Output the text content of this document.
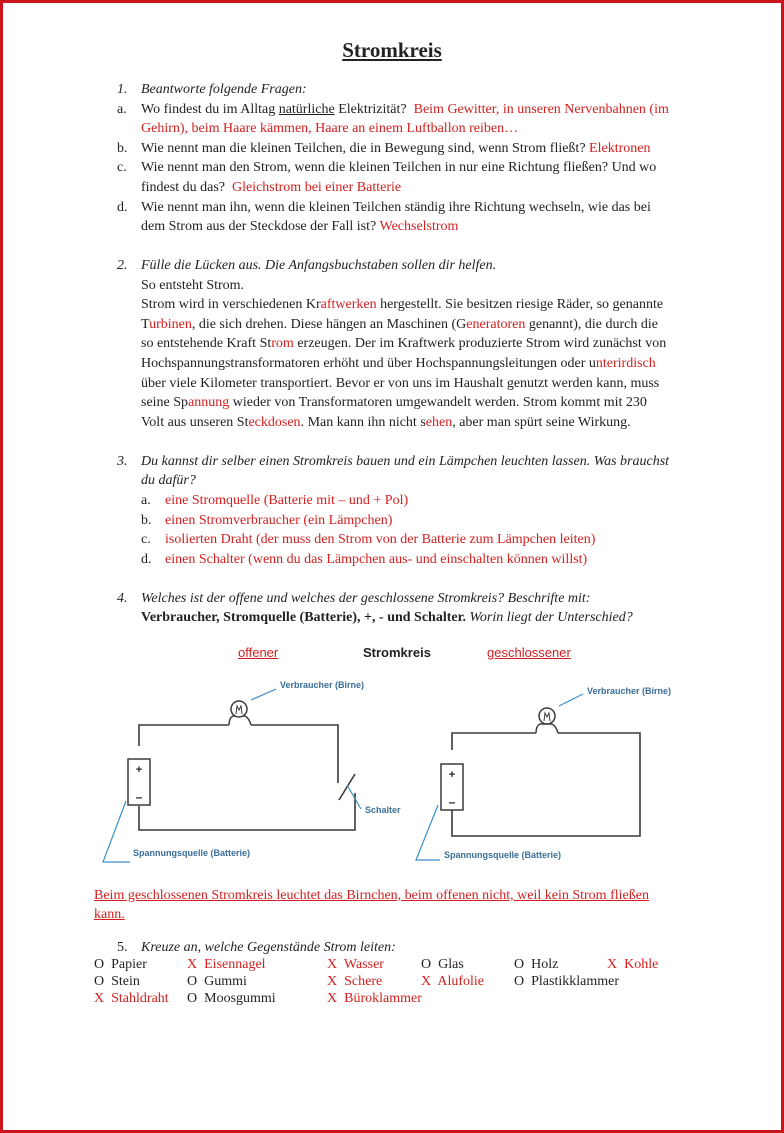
Stromkreis
1. Beantworte folgende Fragen:
a. Wo findest du im Alltag natürliche Elektrizität? Beim Gewitter, in unseren Nervenbahnen (im
Gehirn), beim Haare kämmen, Haare an einem Luftballon reiben…
b. Wie nennt man die kleinen Teilchen, die in Bewegung sind, wenn Strom fließt? Elektronen
c. Wie nennt man den Strom, wenn die kleinen Teilchen in nur eine Richtung fließen? Und wo
findest du das? Gleichstrom bei einer Batterie
d. Wie nennt man ihn, wenn die kleinen Teilchen ständig ihre Richtung wechseln, wie das bei
dem Strom aus der Steckdose der Fall ist? Wechselstrom
2. Fülle die Lücken aus. Die Anfangsbuchstaben sollen dir helfen.
So entsteht Strom.
Strom wird in verschiedenen Kraftwerken hergestellt. Sie besitzen riesige Räder, so genannte
Turbinen, die sich drehen. Diese hängen an Maschinen (Generatoren genannt), die durch die
so entstehende Kraft Strom erzeugen. Der im Kraftwerk produzierte Strom wird zunächst von
Hochspannungstransformatoren erhöht und über Hochspannungsleitungen oder unterirdisch
über viele Kilometer transportiert. Bevor er von uns im Haushalt genutzt werden kann, muss
seine Spannung wieder von Transformatoren umgewandelt werden. Strom kommt mit 230
Volt aus unseren Steckdosen. Man kann ihn nicht sehen, aber man spürt seine Wirkung.
3. Du kannst dir selber einen Stromkreis bauen und ein Lämpchen leuchten lassen. Was brauchst
du dafür?
a. eine Stromquelle (Batterie mit – und + Pol)
b. einen Stromverbraucher (ein Lämpchen)
c. isolierten Draht (der muss den Strom von der Batterie zum Lämpchen leiten)
d. einen Schalter (wenn du das Lämpchen aus- und einschalten können willst)
4. Welches ist der offene und welches der geschlossene Stromkreis? Beschrifte mit:
Verbraucher, Stromquelle (Batterie), +, - und Schalter. Worin liegt der Unterschied?
offener	Stromkreis	geschlossener
+
–
Verbraucher (Birne)
Schalter
Spannungsquelle (Batterie)
+
–
Verbraucher (Birne)
Spannungsquelle (Batterie)
Beim geschlossenen Stromkreis leuchtet das Birnchen, beim offenen nicht, weil kein Strom fließen
kann.
5. Kreuze an, welche Gegenstände Strom leiten:
O Papier	X Eisennagel	X Wasser	O Glas	O Holz	X Kohle
O Stein	O Gummi	X Schere	X Alufolie O Plastikklammer
X Stahldraht O Moosgummi	X Büroklammer
